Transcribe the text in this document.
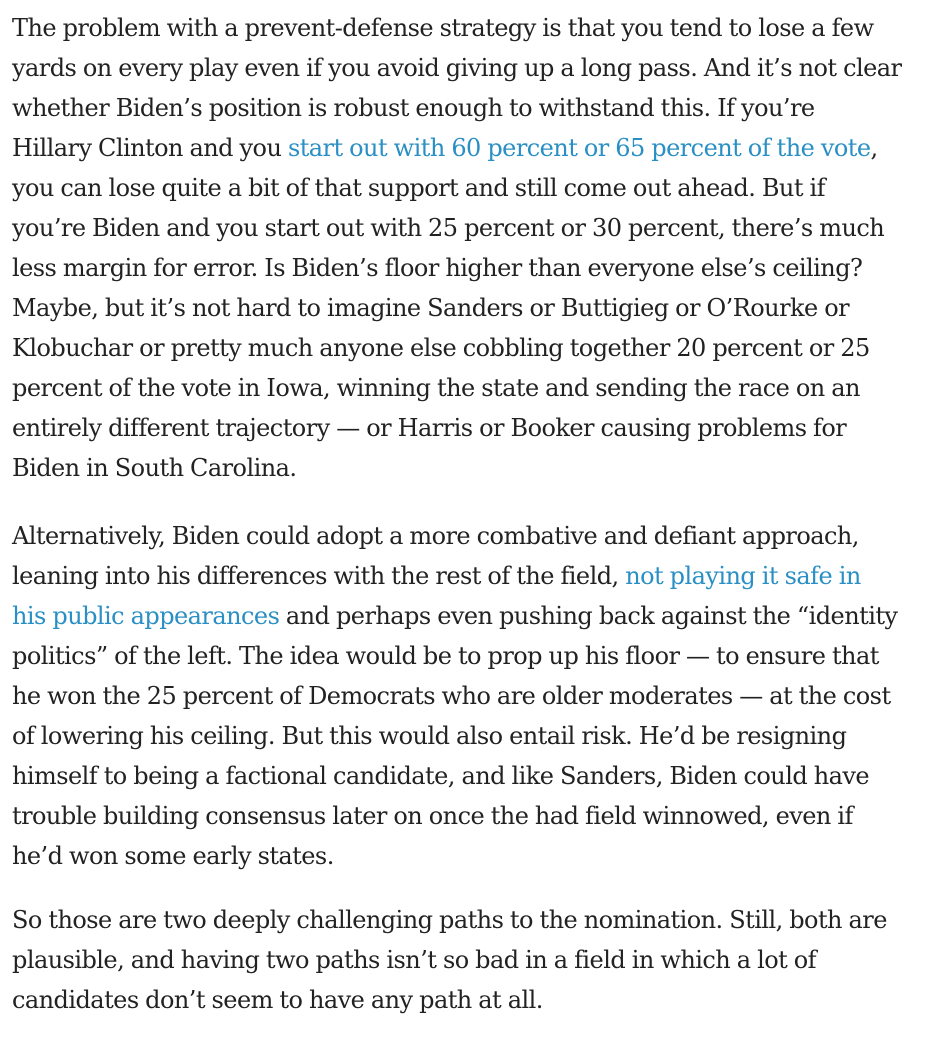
The problem with a prevent-defense strategy is that you tend to lose a few
yards on every play even if you avoid giving up a long pass. And it’s not clear
whether Biden’s position is robust enough to withstand this. If you’re
Hillary Clinton and you start out with 60 percent or 65 percent of the vote,
you can lose quite a bit of that support and still come out ahead. But if
you’re Biden and you start out with 25 percent or 30 percent, there’s much
less margin for error. Is Biden’s floor higher than everyone else’s ceiling?
Maybe, but it’s not hard to imagine Sanders or Buttigieg or O’Rourke or
Klobuchar or pretty much anyone else cobbling together 20 percent or 25
percent of the vote in Iowa, winning the state and sending the race on an
entirely different trajectory — or Harris or Booker causing problems for
Biden in South Carolina.
Alternatively, Biden could adopt a more combative and defiant approach,
leaning into his differences with the rest of the field, not playing it safe in
his public appearances and perhaps even pushing back against the “identity
politics” of the left. The idea would be to prop up his floor — to ensure that
he won the 25 percent of Democrats who are older moderates — at the cost
of lowering his ceiling. But this would also entail risk. He’d be resigning
himself to being a factional candidate, and like Sanders, Biden could have
trouble building consensus later on once the had field winnowed, even if
he’d won some early states.
So those are two deeply challenging paths to the nomination. Still, both are
plausible, and having two paths isn’t so bad in a field in which a lot of
candidates don’t seem to have any path at all.
